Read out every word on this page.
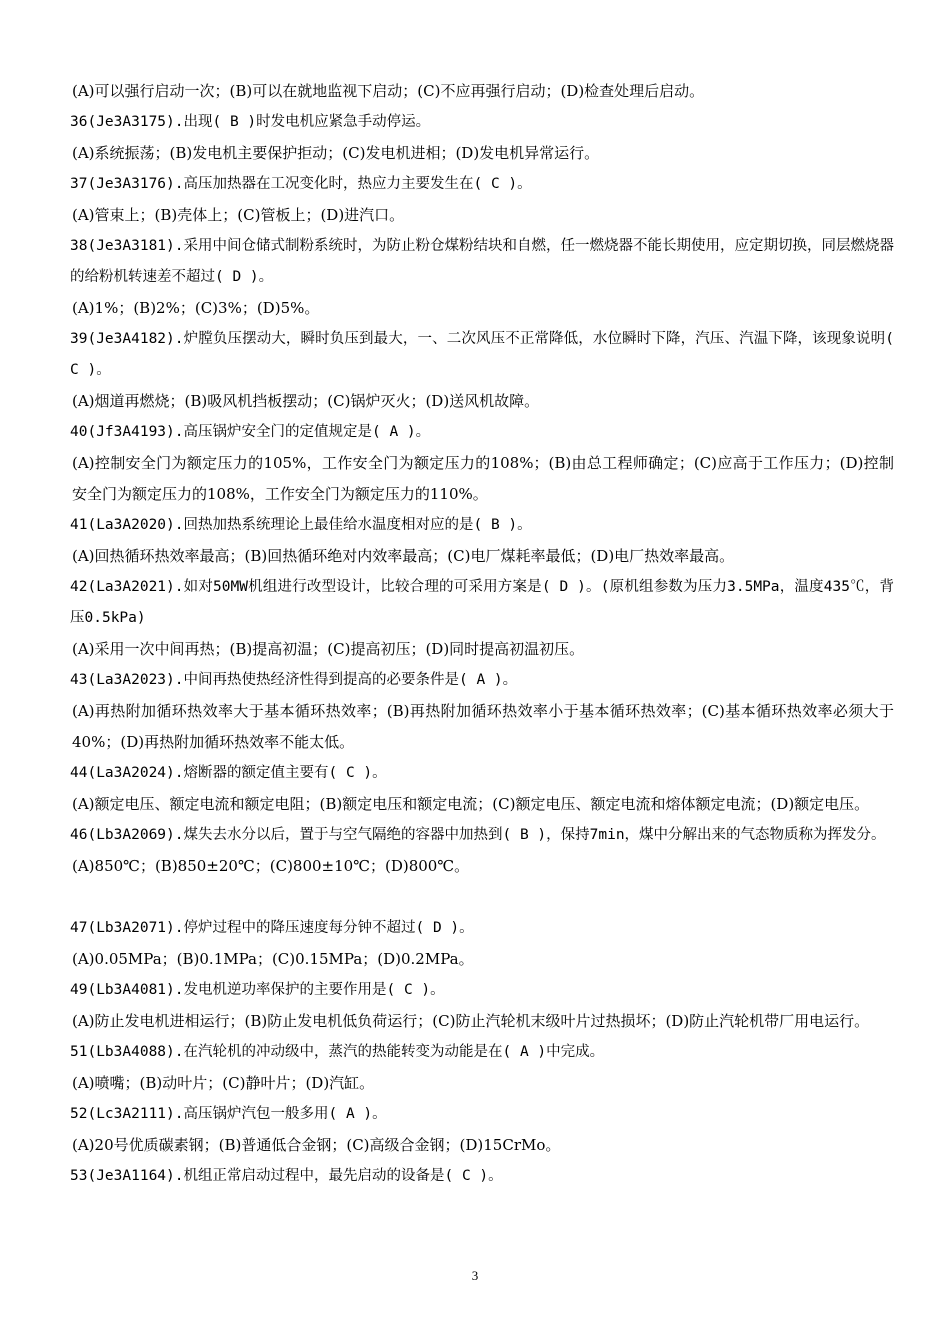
(A)可以强行启动一次；(B)可以在就地监视下启动；(C)不应再强行启动；(D)检查处理后启动。

36(Je3A3175).出现( B )时发电机应紧急手动停运。

(A)系统振荡；(B)发电机主要保护拒动；(C)发电机进相；(D)发电机异常运行。

37(Je3A3176).高压加热器在工况变化时，热应力主要发生在( C )。

(A)管束上；(B)壳体上；(C)管板上；(D)进汽口。

38(Je3A3181).采用中间仓储式制粉系统时，为防止粉仓煤粉结块和自燃，任一燃烧器不能长期使用，应定期切换，同层燃烧器的给粉机转速差不超过( D )。

(A)1%；(B)2%；(C)3%；(D)5%。

39(Je3A4182).炉膛负压摆动大，瞬时负压到最大，一、二次风压不正常降低，水位瞬时下降，汽压、汽温下降，该现象说明( C )。

(A)烟道再燃烧；(B)吸风机挡板摆动；(C)锅炉灭火；(D)送风机故障。

40(Jf3A4193).高压锅炉安全门的定值规定是( A )。

(A)控制安全门为额定压力的105%，工作安全门为额定压力的108%；(B)由总工程师确定；(C)应高于工作压力；(D)控制安全门为额定压力的108%，工作安全门为额定压力的110%。

41(La3A2020).回热加热系统理论上最佳给水温度相对应的是( B )。

(A)回热循环热效率最高；(B)回热循环绝对内效率最高；(C)电厂煤耗率最低；(D)电厂热效率最高。

42(La3A2021).如对50MW机组进行改型设计，比较合理的可采用方案是( D )。(原机组参数为压力3.5MPa，温度435℃，背压0.5kPa)

(A)采用一次中间再热；(B)提高初温；(C)提高初压；(D)同时提高初温初压。

43(La3A2023).中间再热使热经济性得到提高的必要条件是( A )。

(A)再热附加循环热效率大于基本循环热效率；(B)再热附加循环热效率小于基本循环热效率；(C)基本循环热效率必须大于40%；(D)再热附加循环热效率不能太低。

44(La3A2024).熔断器的额定值主要有( C )。

(A)额定电压、额定电流和额定电阻；(B)额定电压和额定电流；(C)额定电压、额定电流和熔体额定电流；(D)额定电压。

46(Lb3A2069).煤失去水分以后，置于与空气隔绝的容器中加热到( B )，保持7min，煤中分解出来的气态物质称为挥发分。

(A)850℃；(B)850±20℃；(C)800±10℃；(D)800℃。

47(Lb3A2071).停炉过程中的降压速度每分钟不超过( D )。

(A)0.05MPa；(B)0.1MPa；(C)0.15MPa；(D)0.2MPa。

49(Lb3A4081).发电机逆功率保护的主要作用是( C )。

(A)防止发电机进相运行；(B)防止发电机低负荷运行；(C)防止汽轮机末级叶片过热损坏；(D)防止汽轮机带厂用电运行。

51(Lb3A4088).在汽轮机的冲动级中，蒸汽的热能转变为动能是在( A )中完成。

(A)喷嘴；(B)动叶片；(C)静叶片；(D)汽缸。

52(Lc3A2111).高压锅炉汽包一般多用( A )。

(A)20号优质碳素钢；(B)普通低合金钢；(C)高级合金钢；(D)15CrMo。

53(Je3A1164).机组正常启动过程中，最先启动的设备是( C )。

3
